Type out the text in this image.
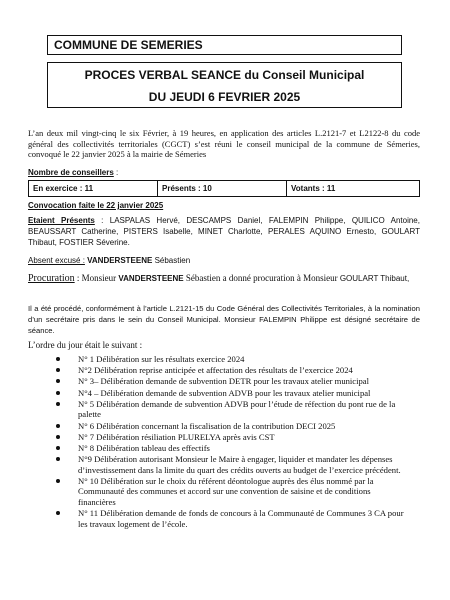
COMMUNE DE SEMERIES
PROCES VERBAL SEANCE du Conseil Municipal
DU JEUDI 6 FEVRIER 2025
L’an deux mil vingt-cinq le six Février, à 19 heures, en application des articles L.2121-7 et L2122-8 du code général des collectivités territoriales (CGCT) s’est réuni le conseil municipal de la commune de Sémeries, convoqué le 22 janvier 2025 à la mairie de Sémeries
Nombre de conseillers :
En exercice : 11	Présents : 10	Votants : 11
Convocation faite le 22 janvier 2025
Etaient Présents : LASPALAS Hervé, DESCAMPS Daniel, FALEMPIN Philippe, QUILICO Antoine, BEAUSSART Catherine, PISTERS Isabelle, MINET Charlotte, PERALES AQUINO Ernesto, GOULART Thibaut, FOSTIER Séverine.
Absent excusé : VANDERSTEENE Sébastien
Procuration : Monsieur VANDERSTEENE Sébastien a donné procuration à Monsieur GOULART Thibaut,
Il a été procédé, conformément à l’article L.2121-15 du Code Général des Collectivités Territoriales, à la nomination d’un secrétaire pris dans le sein du Conseil Municipal. Monsieur FALEMPIN Philippe est désigné secrétaire de séance.
L’ordre du jour était le suivant :
N° 1 Délibération sur les résultats exercice 2024
N°2 Délibération reprise anticipée et affectation des résultats de l’exercice 2024
N° 3– Délibération demande de subvention DETR pour les travaux atelier municipal
N°4 – Délibération demande de subvention ADVB pour les travaux atelier municipal
N° 5 Délibération demande de subvention ADVB pour l’étude de réfection du pont rue de la palette
N° 6 Délibération concernant la fiscalisation de la contribution DECI 2025
N° 7 Délibération résiliation PLURELYA après avis CST
N° 8 Délibération tableau des effectifs
N°9 Délibération autorisant Monsieur le Maire à engager, liquider et mandater les dépenses d’investissement dans la limite du quart des crédits ouverts au budget de l’exercice précédent.
N° 10 Délibération sur le choix du référent déontologue auprès des élus nommé par la Communauté des communes et accord sur une convention de saisine et de conditions financières
N° 11 Délibération demande de fonds de concours à la Communauté de Communes 3 CA pour les travaux logement de l’école.
